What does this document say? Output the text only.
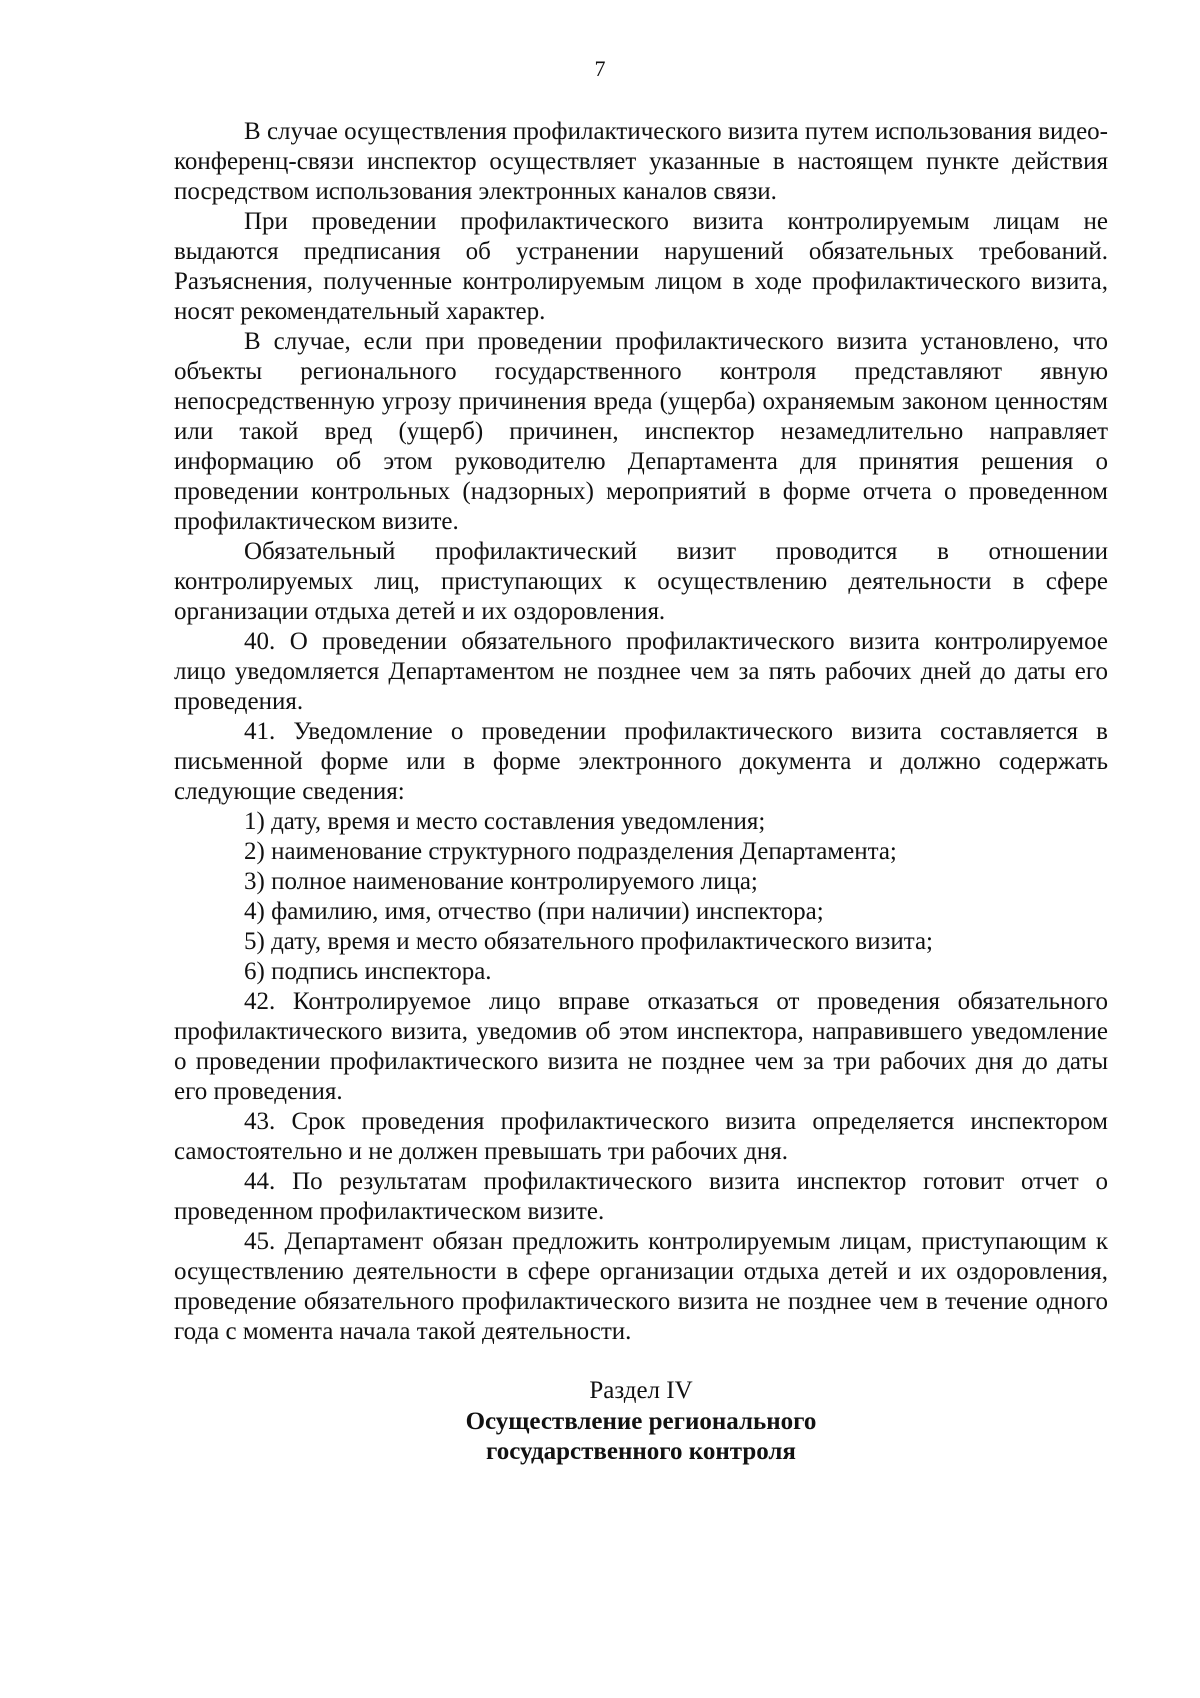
7

В случае осуществления профилактического визита путем использования видео-конференц-связи инспектор осуществляет указанные в настоящем пункте действия посредством использования электронных каналов связи.

При проведении профилактического визита контролируемым лицам не выдаются предписания об устранении нарушений обязательных требований. Разъяснения, полученные контролируемым лицом в ходе профилактического визита, носят рекомендательный характер.

В случае, если при проведении профилактического визита установлено, что объекты регионального государственного контроля представляют явную непосредственную угрозу причинения вреда (ущерба) охраняемым законом ценностям или такой вред (ущерб) причинен, инспектор незамедлительно направляет информацию об этом руководителю Департамента для принятия решения о проведении контрольных (надзорных) мероприятий в форме отчета о проведенном профилактическом визите.

Обязательный профилактический визит проводится в отношении контролируемых лиц, приступающих к осуществлению деятельности в сфере организации отдыха детей и их оздоровления.

40. О проведении обязательного профилактического визита контролируемое лицо уведомляется Департаментом не позднее чем за пять рабочих дней до даты его проведения.

41. Уведомление о проведении профилактического визита составляется в письменной форме или в форме электронного документа и должно содержать следующие сведения:

1) дату, время и место составления уведомления;

2) наименование структурного подразделения Департамента;

3) полное наименование контролируемого лица;

4) фамилию, имя, отчество (при наличии) инспектора;

5) дату, время и место обязательного профилактического визита;

6) подпись инспектора.

42. Контролируемое лицо вправе отказаться от проведения обязательного профилактического визита, уведомив об этом инспектора, направившего уведомление о проведении профилактического визита не позднее чем за три рабочих дня до даты его проведения.

43. Срок проведения профилактического визита определяется инспектором самостоятельно и не должен превышать три рабочих дня.

44. По результатам профилактического визита инспектор готовит отчет о проведенном профилактическом визите.

45. Департамент обязан предложить контролируемым лицам, приступающим к осуществлению деятельности в сфере организации отдыха детей и их оздоровления, проведение обязательного профилактического визита не позднее чем в течение одного года с момента начала такой деятельности.

Раздел IV
Осуществление регионального
государственного контроля
